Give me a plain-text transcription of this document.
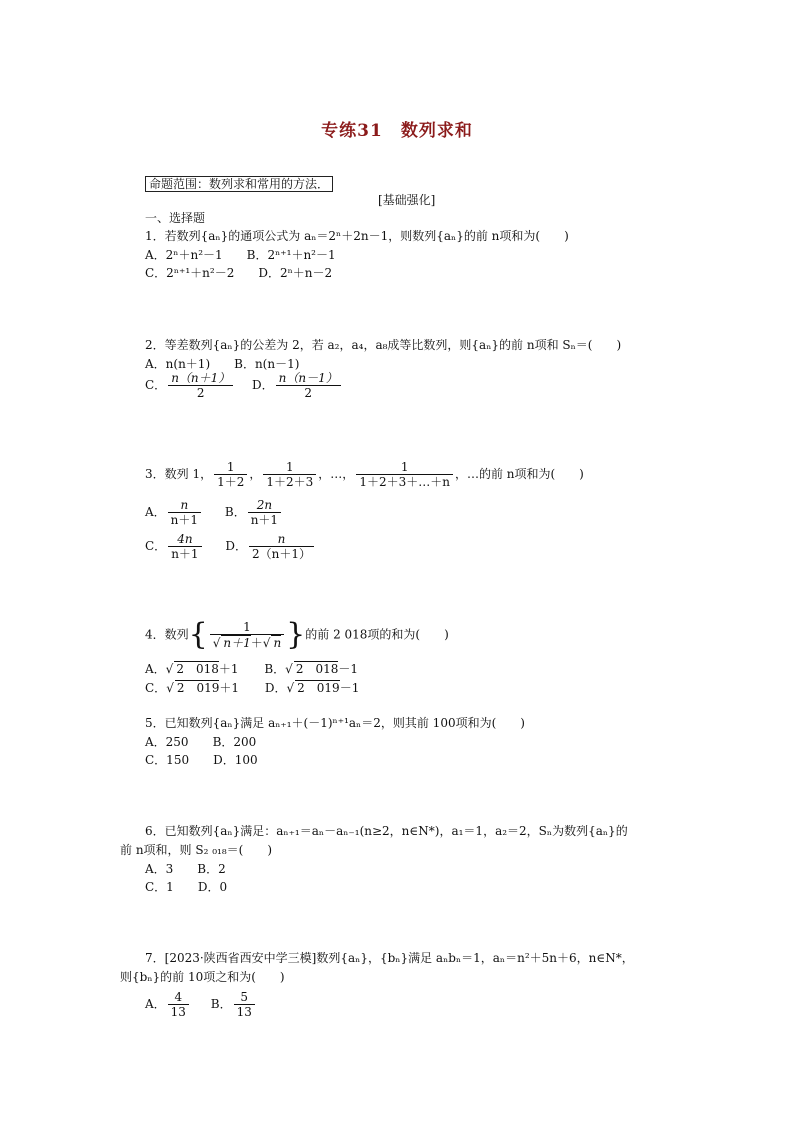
专练31　数列求和
命题范围：数列求和常用的方法．
[基础强化]
一、选择题
1．若数列{aₙ}的通项公式为 aₙ＝2ⁿ＋2n－1，则数列{aₙ}的前 n项和为(　　)
A．2ⁿ＋n²－1　　B．2ⁿ⁺¹＋n²－1
C．2ⁿ⁺¹＋n²－2　　D．2ⁿ＋n－2
2．等差数列{aₙ}的公差为 2，若 a₂，a₄，a₈成等比数列，则{aₙ}的前 n项和 Sₙ＝(　　)
A．n(n＋1)　　B．n(n－1)
C． $\frac{n(n+1)}{2}$ D． $\frac{n(n-1)}{2}$
3．数列 1， $\frac{1}{1+2}$ ， $\frac{1}{1+2+3}$ ，…， $\frac{1}{1+2+3+\dots+n}$ ，…的前 n项和为(　　)
A． $\frac{n}{n+1}$ B． $\frac{2n}{n+1}$
C． $\frac{4n}{n+1}$ D． $\frac{n}{2(n+1)}$
4．数列{ $\frac{1}{√ n+1+√ n}$ }的前 2 018项的和为(　　)
A．√ 2　018＋1 B．√ 2　018－1
C．√ 2　019＋1 D．√ 2　019－1
5．已知数列{aₙ}满足 aₙ₊₁＋(－1)ⁿ⁺¹aₙ＝2，则其前 100项和为(　　)
A．250　　B．200
C．150　　D．100
6．已知数列{aₙ}满足：aₙ₊₁＝aₙ－aₙ₋₁(n≥2，n∈N*)，a₁＝1，a₂＝2，Sₙ为数列{aₙ}的
前 n项和，则 S₂ ₀₁₈＝(　　)
A．3　　B．2
C．1　　D．0
7．[2023·陕西省西安中学三模]数列{aₙ}，{bₙ}满足 aₙbₙ＝1，aₙ＝n²＋5n＋6，n∈N*，
则{bₙ}的前 10项之和为(　　)
A． $\frac{4}{13}$ B． $\frac{5}{13}$
